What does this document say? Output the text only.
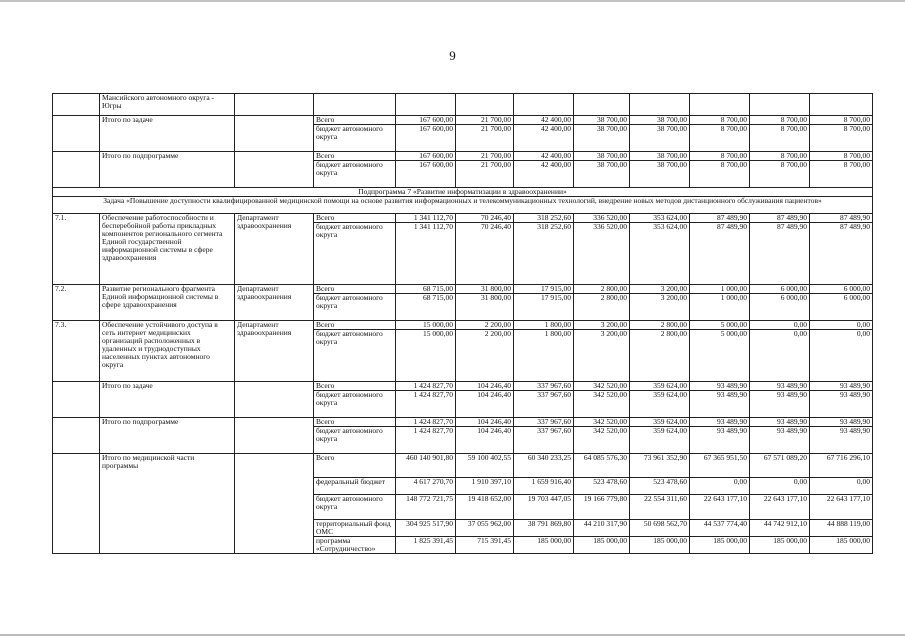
9
	Мансийского автономного округа - Югры										
	Итого по задаче		Всего	167 600,00	21 700,00	42 400,00	38 700,00	38 700,00	8 700,00	8 700,00	8 700,00
			бюджет автономного округа	167 600,00	21 700,00	42 400,00	38 700,00	38 700,00	8 700,00	8 700,00	8 700,00
	Итого по подпрограмме		Всего	167 600,00	21 700,00	42 400,00	38 700,00	38 700,00	8 700,00	8 700,00	8 700,00
			бюджет автономного округа	167 600,00	21 700,00	42 400,00	38 700,00	38 700,00	8 700,00	8 700,00	8 700,00
Подпрограмма 7 «Развитие информатизации в здравоохранении»											
Задача «Повышение доступности квалифицированной медицинской помощи на основе развития информационных и телекоммуникационных технологий, внедрение новых методов дистанционного обслуживания пациентов»											
7.1.	Обеспечение работоспособности и бесперебойной работы прикладных компонентов регионального сегмента Единой государственной информационной системы в сфере здравоохранения	Департамент здравоохранения	Всего	1 341 112,70	70 246,40	318 252,60	336 520,00	353 624,00	87 489,90	87 489,90	87 489,90
			бюджет автономного округа	1 341 112,70	70 246,40	318 252,60	336 520,00	353 624,00	87 489,90	87 489,90	87 489,90
7.2.	Развитие регионального фрагмента Единой информационной системы в сфере здравоохранения	Департамент здравоохранения	Всего	68 715,00	31 800,00	17 915,00	2 800,00	3 200,00	1 000,00	6 000,00	6 000,00
			бюджет автономного округа	68 715,00	31 800,00	17 915,00	2 800,00	3 200,00	1 000,00	6 000,00	6 000,00
7.3.	Обеспечение устойчивого доступа в сеть интернет медицинских организаций расположенных в удаленных и труднодоступных населенных пунктах автономного округа	Департамент здравоохранения	Всего	15 000,00	2 200,00	1 800,00	3 200,00	2 800,00	5 000,00	0,00	0,00
			бюджет автономного округа	15 000,00	2 200,00	1 800,00	3 200,00	2 800,00	5 000,00	0,00	0,00
	Итого по задаче		Всего	1 424 827,70	104 246,40	337 967,60	342 520,00	359 624,00	93 489,90	93 489,90	93 489,90
			бюджет автономного округа	1 424 827,70	104 246,40	337 967,60	342 520,00	359 624,00	93 489,90	93 489,90	93 489,90
	Итого по подпрограмме		Всего	1 424 827,70	104 246,40	337 967,60	342 520,00	359 624,00	93 489,90	93 489,90	93 489,90
			бюджет автономного округа	1 424 827,70	104 246,40	337 967,60	342 520,00	359 624,00	93 489,90	93 489,90	93 489,90
	Итого по медицинской части программы		Всего	460 140 901,80	59 100 402,55	60 340 233,25	64 085 576,30	73 961 352,90	67 365 951,50	67 571 089,20	67 716 296,10
			федеральный бюджет	4 617 270,70	1 910 397,10	1 659 916,40	523 478,60	523 478,60	0,00	0,00	0,00
			бюджет автономного округа	148 772 721,75	19 418 652,00	19 703 447,05	19 166 779,80	22 554 311,60	22 643 177,10	22 643 177,10	22 643 177,10
			территориальный фонд ОМС	304 925 517,90	37 055 962,00	38 791 869,80	44 210 317,90	50 698 562,70	44 537 774,40	44 742 912,10	44 888 119,00
			программа «Сотрудничество»	1 825 391,45	715 391,45	185 000,00	185 000,00	185 000,00	185 000,00	185 000,00	185 000,00
